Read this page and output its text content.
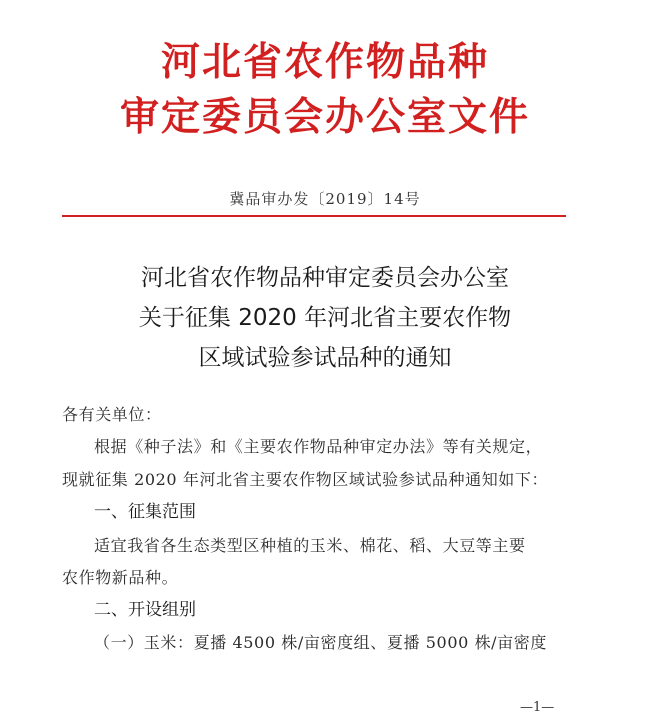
河北省农作物品种
审定委员会办公室文件
冀品审办发〔2019〕14号
河北省农作物品种审定委员会办公室
关于征集 2020 年河北省主要农作物
区域试验参试品种的通知
各有关单位：
根据《种子法》和《主要农作物品种审定办法》等有关规定，
现就征集 2020 年河北省主要农作物区域试验参试品种通知如下：
一、征集范围
适宜我省各生态类型区种植的玉米、棉花、稻、大豆等主要
农作物新品种。
二、开设组别
（一）玉米：夏播 4500 株/亩密度组、夏播 5000 株/亩密度
—1—
